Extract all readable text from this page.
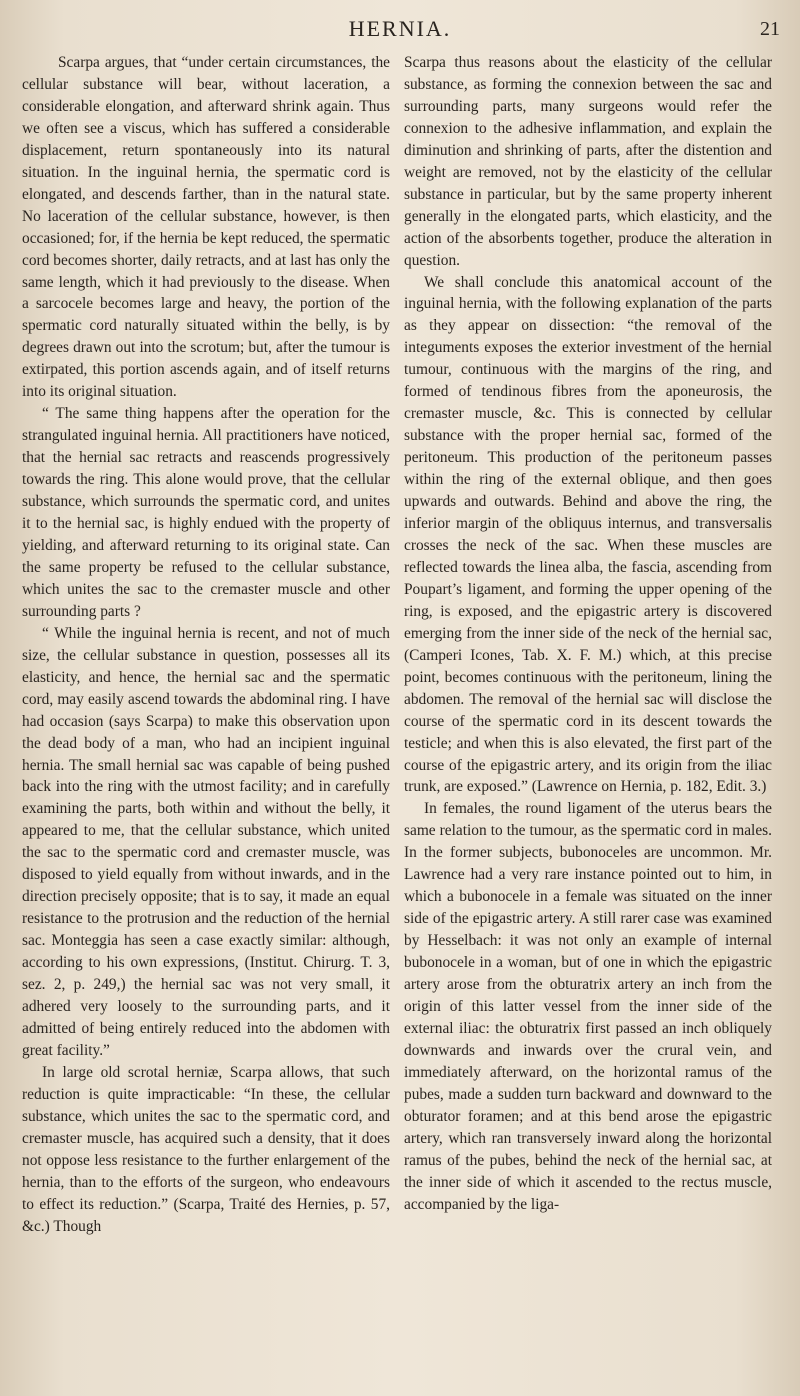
HERNIA.	21

Scarpa argues, that “under certain circumstances, the cellular substance will bear, without laceration, a considerable elongation, and afterward shrink again. Thus we often see a viscus, which has suffered a considerable displacement, return spontaneously into its natural situation. In the inguinal hernia, the spermatic cord is elongated, and descends farther, than in the natural state. No laceration of the cellular substance, however, is then occasioned; for, if the hernia be kept reduced, the spermatic cord becomes shorter, daily retracts, and at last has only the same length, which it had previously to the disease. When a sarcocele becomes large and heavy, the portion of the spermatic cord naturally situated within the belly, is by degrees drawn out into the scrotum; but, after the tumour is extirpated, this portion ascends again, and of itself returns into its original situation.

“ The same thing happens after the operation for the strangulated inguinal hernia. All practitioners have noticed, that the hernial sac retracts and reascends progressively towards the ring. This alone would prove, that the cellular substance, which surrounds the spermatic cord, and unites it to the hernial sac, is highly endued with the property of yielding, and afterward returning to its original state. Can the same property be refused to the cellular substance, which unites the sac to the cremaster muscle and other surrounding parts ?

“ While the inguinal hernia is recent, and not of much size, the cellular substance in question, possesses all its elasticity, and hence, the hernial sac and the spermatic cord, may easily ascend towards the abdominal ring. I have had occasion (says Scarpa) to make this observation upon the dead body of a man, who had an incipient inguinal hernia. The small hernial sac was capable of being pushed back into the ring with the utmost facility; and in carefully examining the parts, both within and without the belly, it appeared to me, that the cellular substance, which united the sac to the spermatic cord and cremaster muscle, was disposed to yield equally from without inwards, and in the direction precisely opposite; that is to say, it made an equal resistance to the protrusion and the reduction of the hernial sac. Monteggia has seen a case exactly similar: although, according to his own expressions, (Institut. Chirurg. T. 3, sez. 2, p. 249,) the hernial sac was not very small, it adhered very loosely to the surrounding parts, and it admitted of being entirely reduced into the abdomen with great facility.”

In large old scrotal herniæ, Scarpa allows, that such reduction is quite impracticable: “In these, the cellular substance, which unites the sac to the spermatic cord, and cremaster muscle, has acquired such a density, that it does not oppose less resistance to the further enlargement of the hernia, than to the efforts of the surgeon, who endeavours to effect its reduction.” (Scarpa, Traité des Hernies, p. 57, &c.) Though

Scarpa thus reasons about the elasticity of the cellular substance, as forming the connexion between the sac and surrounding parts, many surgeons would refer the connexion to the adhesive inflammation, and explain the diminution and shrinking of parts, after the distention and weight are removed, not by the elasticity of the cellular substance in particular, but by the same property inherent generally in the elongated parts, which elasticity, and the action of the absorbents together, produce the alteration in question.

We shall conclude this anatomical account of the inguinal hernia, with the following explanation of the parts as they appear on dissection: “the removal of the integuments exposes the exterior investment of the hernial tumour, continuous with the margins of the ring, and formed of tendinous fibres from the aponeurosis, the cremaster muscle, &c. This is connected by cellular substance with the proper hernial sac, formed of the peritoneum. This production of the peritoneum passes within the ring of the external oblique, and then goes upwards and outwards. Behind and above the ring, the inferior margin of the obliquus internus, and transversalis crosses the neck of the sac. When these muscles are reflected towards the linea alba, the fascia, ascending from Poupart’s ligament, and forming the upper opening of the ring, is exposed, and the epigastric artery is discovered emerging from the inner side of the neck of the hernial sac, (Camperi Icones, Tab. X. F. M.) which, at this precise point, becomes continuous with the peritoneum, lining the abdomen. The removal of the hernial sac will disclose the course of the spermatic cord in its descent towards the testicle; and when this is also elevated, the first part of the course of the epigastric artery, and its origin from the iliac trunk, are exposed.” (Lawrence on Hernia, p. 182, Edit. 3.)

In females, the round ligament of the uterus bears the same relation to the tumour, as the spermatic cord in males. In the former subjects, bubonoceles are uncommon. Mr. Lawrence had a very rare instance pointed out to him, in which a bubonocele in a female was situated on the inner side of the epigastric artery. A still rarer case was examined by Hesselbach: it was not only an example of internal bubonocele in a woman, but of one in which the epigastric artery arose from the obturatrix artery an inch from the origin of this latter vessel from the inner side of the external iliac: the obturatrix first passed an inch obliquely downwards and inwards over the crural vein, and immediately afterward, on the horizontal ramus of the pubes, made a sudden turn backward and downward to the obturator foramen; and at this bend arose the epigastric artery, which ran transversely inward along the horizontal ramus of the pubes, behind the neck of the hernial sac, at the inner side of which it ascended to the rectus muscle, accompanied by the liga-
